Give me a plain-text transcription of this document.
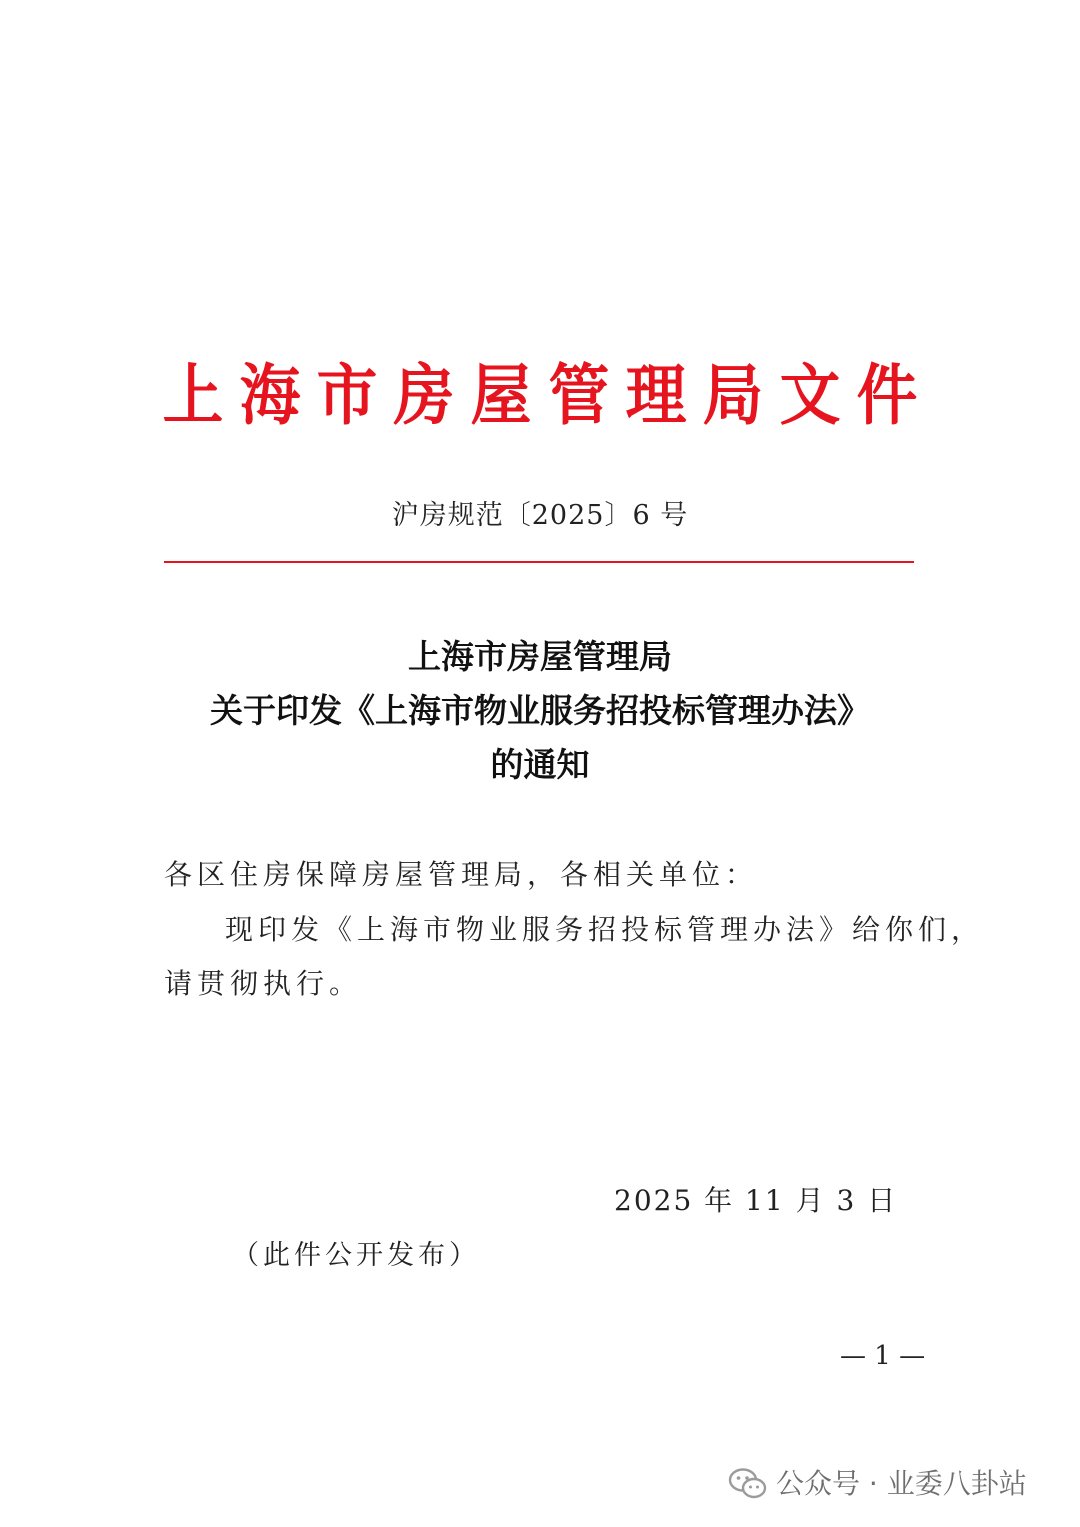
上 海 市 房 屋 管 理 局 文 件
沪房规范〔2025〕6 号
上海市房屋管理局
关于印发《上海市物业服务招投标管理办法》
的通知
各区住房保障房屋管理局，各相关单位：
现印发《上海市物业服务招投标管理办法》给你们，
请贯彻执行。
2025 年 11 月 3 日
（此件公开发布）
— 1 —
公众号 · 业委八卦站
